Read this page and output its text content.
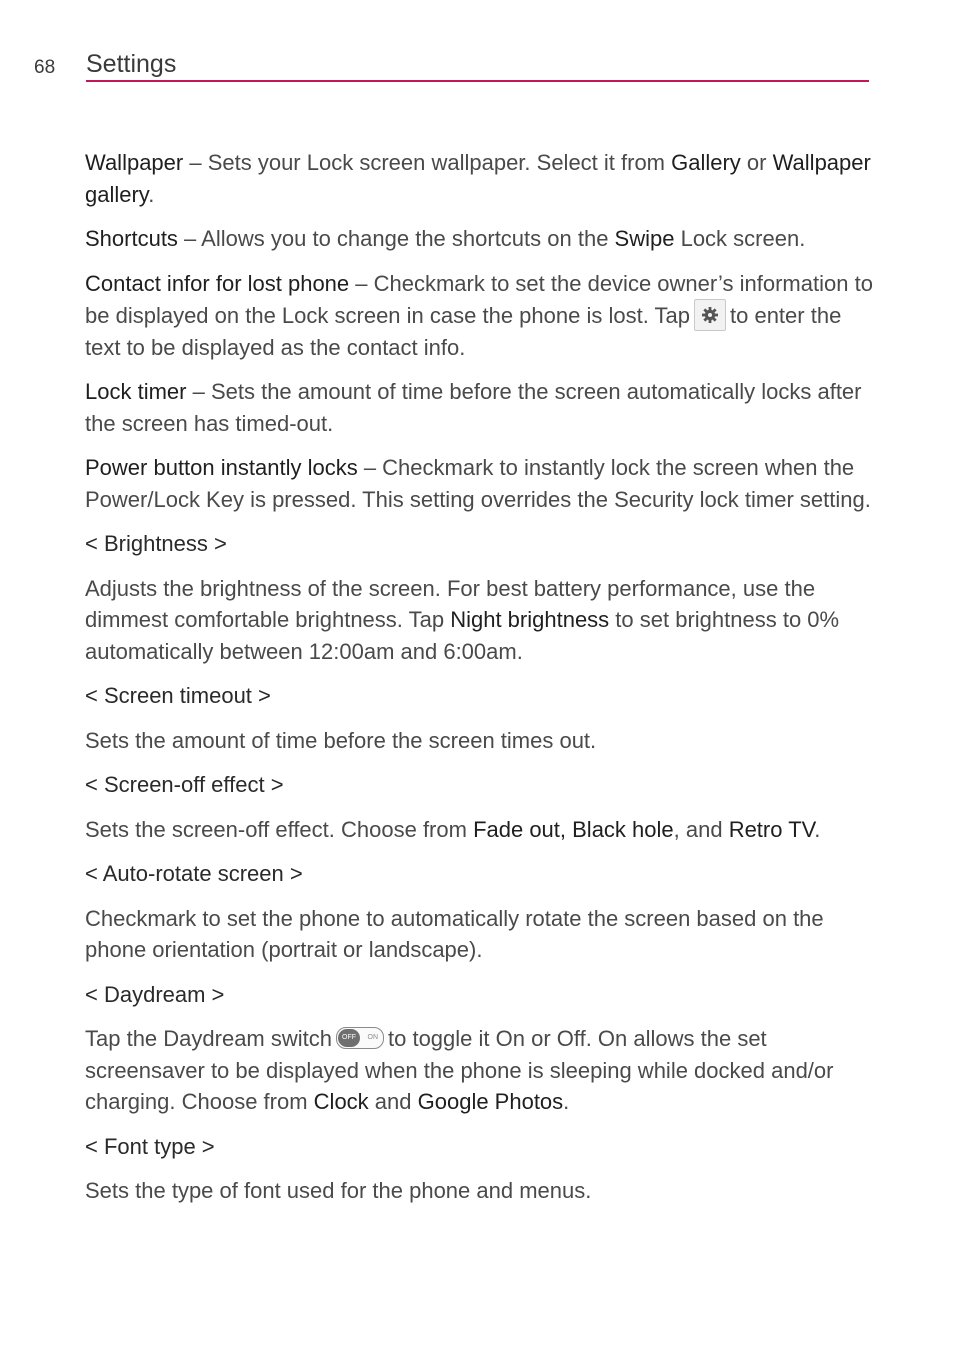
68 Settings

Wallpaper – Sets your Lock screen wallpaper. Select it from Gallery or Wallpaper gallery.

Shortcuts – Allows you to change the shortcuts on the Swipe Lock screen.

Contact infor for lost phone – Checkmark to set the device owner’s information to be displayed on the Lock screen in case the phone is lost. Tap to enter the text to be displayed as the contact info.

Lock timer – Sets the amount of time before the screen automatically locks after the screen has timed-out.

Power button instantly locks – Checkmark to instantly lock the screen when the Power/Lock Key is pressed. This setting overrides the Security lock timer setting.

< Brightness >

Adjusts the brightness of the screen. For best battery performance, use the dimmest comfortable brightness. Tap Night brightness to set brightness to 0% automatically between 12:00am and 6:00am.

< Screen timeout >

Sets the amount of time before the screen times out.

< Screen-off effect >

Sets the screen-off effect. Choose from Fade out, Black hole, and Retro TV.

< Auto-rotate screen >

Checkmark to set the phone to automatically rotate the screen based on the phone orientation (portrait or landscape).

< Daydream >

Tap the Daydream switch	OFF	ON to toggle it On or Off. On allows the set screensaver to be displayed when the phone is sleeping while docked and/or charging. Choose from Clock and Google Photos.

< Font type >

Sets the type of font used for the phone and menus.
